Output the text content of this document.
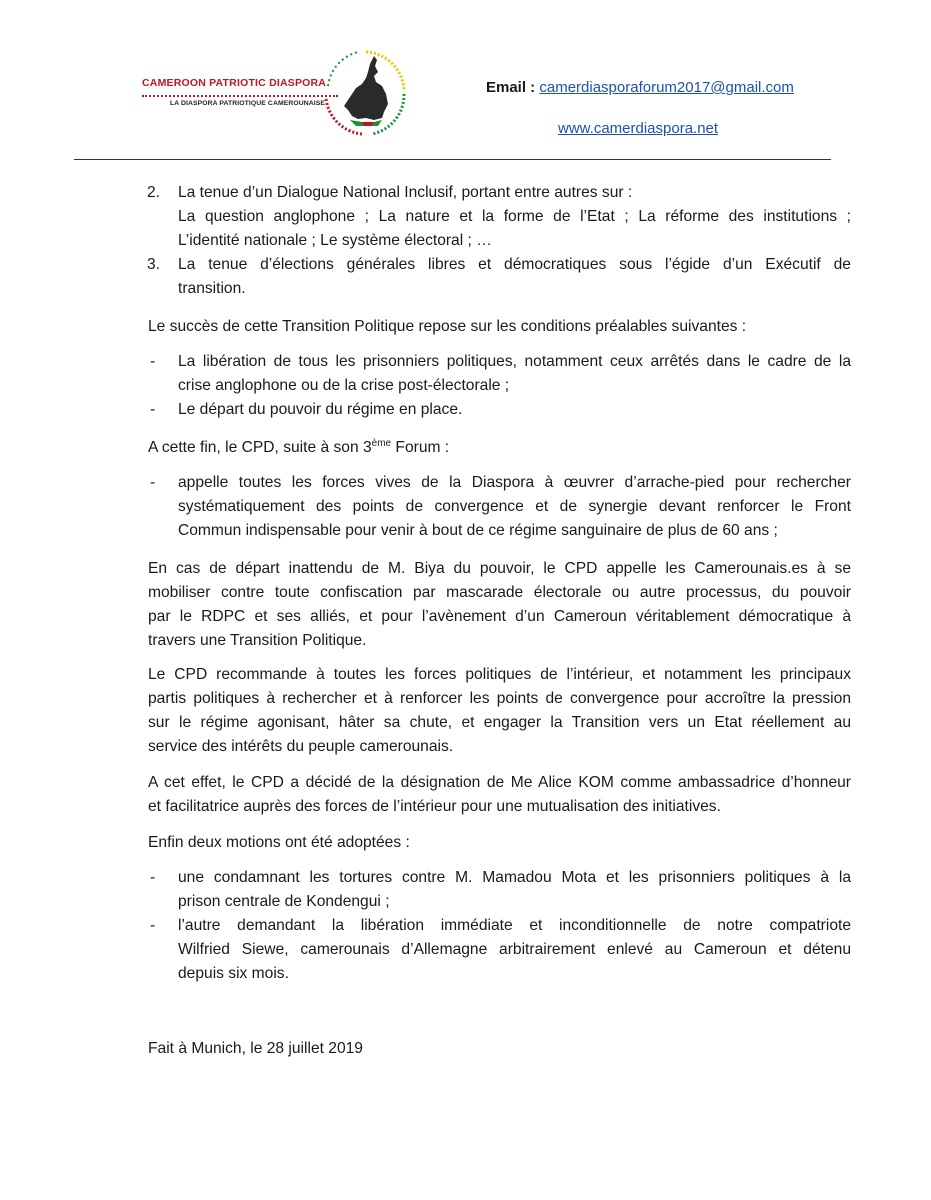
CAMEROON PATRIOTIC DIASPORA
LA DIASPORA PATRIOTIQUE CAMEROUNAISE
Email : camerdiasporaforum2017@gmail.com
www.camerdiaspora.net
2. La tenue d’un Dialogue National Inclusif, portant entre autres sur :
La question anglophone ; La nature et la forme de l’Etat ; La réforme des institutions ;
L’identité nationale ; Le système électoral ; …
3. La tenue d’élections générales libres et démocratiques sous l’égide d’un Exécutif de
transition.
Le succès de cette Transition Politique repose sur les conditions préalables suivantes :
- La libération de tous les prisonniers politiques, notamment ceux arrêtés dans le cadre de la
crise anglophone ou de la crise post-électorale ;
- Le départ du pouvoir du régime en place.
A cette fin, le CPD, suite à son 3ème Forum :
- appelle toutes les forces vives de la Diaspora à œuvrer d’arrache-pied pour rechercher
systématiquement des points de convergence et de synergie devant renforcer le Front
Commun indispensable pour venir à bout de ce régime sanguinaire de plus de 60 ans ;
En cas de départ inattendu de M. Biya du pouvoir, le CPD appelle les Camerounais.es à se
mobiliser contre toute confiscation par mascarade électorale ou autre processus, du pouvoir
par le RDPC et ses alliés, et pour l’avènement d’un Cameroun véritablement démocratique à
travers une Transition Politique.
Le CPD recommande à toutes les forces politiques de l’intérieur, et notamment les principaux
partis politiques à rechercher et à renforcer les points de convergence pour accroître la pression
sur le régime agonisant, hâter sa chute, et engager la Transition vers un Etat réellement au
service des intérêts du peuple camerounais.
A cet effet, le CPD a décidé de la désignation de Me Alice KOM comme ambassadrice d’honneur
et facilitatrice auprès des forces de l’intérieur pour une mutualisation des initiatives.
Enfin deux motions ont été adoptées :
- une condamnant les tortures contre M. Mamadou Mota et les prisonniers politiques à la
prison centrale de Kondengui ;
- l’autre demandant la libération immédiate et inconditionnelle de notre compatriote
Wilfried Siewe, camerounais d’Allemagne arbitrairement enlevé au Cameroun et détenu
depuis six mois.
Fait à Munich, le 28 juillet 2019
